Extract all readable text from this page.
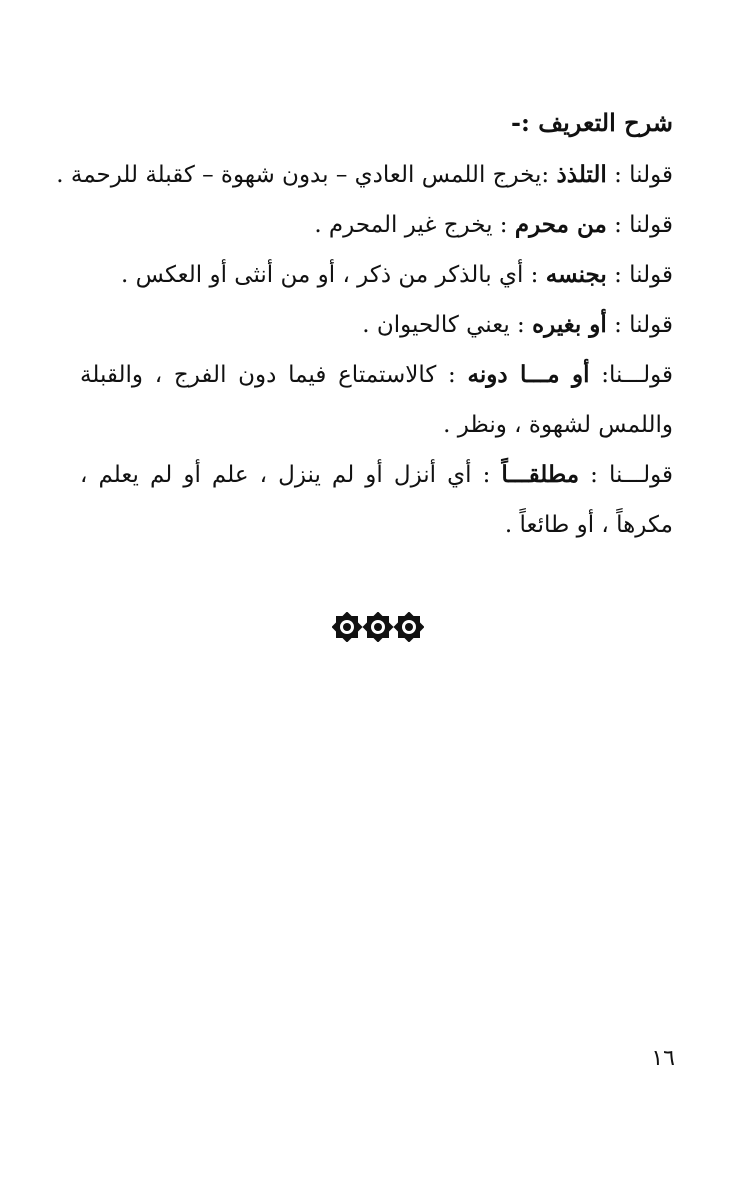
شرح التعريف :-

قولنا : التلذذ :يخرج اللمس العادي – بدون شهوة – كقبلة للرحمة .

قولنا : من محرم : يخرج غير المحرم .

قولنا : بجنسه : أي بالذكر من ذكر ، أو من أنثى أو العكس .

قولنا : أو بغيره : يعني كالحيوان .

قولـــنا: أو مـــا دونه : كالاستمتاع فيما دون الفرج ، والقبلة واللمس لشهوة ، ونظر .

قولـــنا : مطلقـــاً : أي أنزل أو لم ينزل ، علم أو لم يعلم ، مكرهاً ، أو طائعاً .

١٦
